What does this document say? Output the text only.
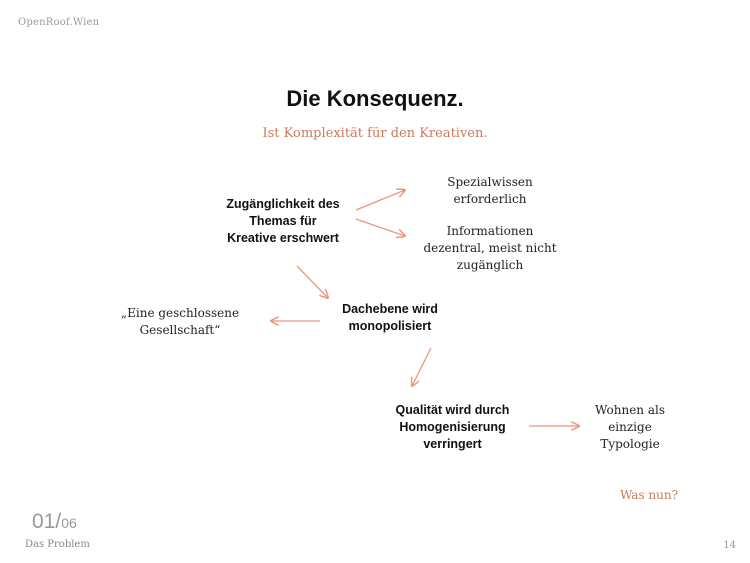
OpenRoof.Wien
Die Konsequenz.
Ist Komplexität für den Kreativen.
Zugänglichkeit des
Themas für
Kreative erschwert
Spezialwissen
erforderlich
Informationen
dezentral, meist nicht
zugänglich
Dachebene wird
monopolisiert
„Eine geschlossene
Gesellschaft“
Qualität wird durch
Homogenisierung
verringert
Wohnen als
einzige
Typologie
Was nun?
01/06
Das Problem	14
